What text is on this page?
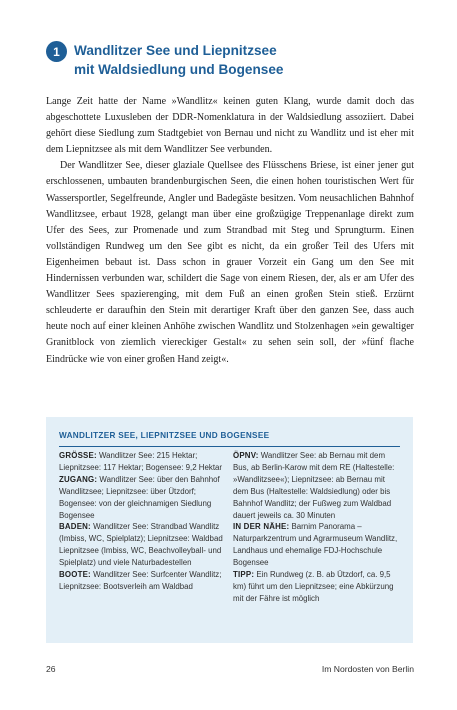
1	Wandlitzer See und Liepnitzsee
mit Waldsiedlung und Bogensee

Lange Zeit hatte der Name »Wandlitz« keinen guten Klang, wurde damit doch das abgeschottete Luxusleben der DDR-Nomenklatura in der Waldsiedlung assoziiert. Dabei gehört diese Siedlung zum Stadtgebiet von Bernau und nicht zu Wandlitz und ist eher mit dem Liepnitzsee als mit dem Wandlitzer See verbunden.

Der Wandlitzer See, dieser glaziale Quellsee des Flüsschens Briese, ist einer jener gut erschlossenen, umbauten brandenburgischen Seen, die einen hohen touristischen Wert für Wassersportler, Segelfreunde, Angler und Badegäste besitzen. Vom neusachlichen Bahnhof Wandlitzsee, erbaut 1928, gelangt man über eine großzügige Treppenanlage direkt zum Ufer des Sees, zur Promenade und zum Strandbad mit Steg und Sprungturm. Einen vollständigen Rundweg um den See gibt es nicht, da ein großer Teil des Ufers mit Eigenheimen bebaut ist. Dass schon in grauer Vorzeit ein Gang um den See mit Hindernissen verbunden war, schildert die Sage von einem Riesen, der, als er am Ufer des Wandlitzer Sees spazierenging, mit dem Fuß an einen großen Stein stieß. Erzürnt schleuderte er daraufhin den Stein mit derartiger Kraft über den ganzen See, dass auch heute noch auf einer kleinen Anhöhe zwischen Wandlitz und Stolzenhagen »ein gewaltiger Granitblock von ziemlich viereckiger Gestalt« zu sehen sein soll, der »fünf flache Eindrücke wie von einer großen Hand zeigt«.

WANDLITZER SEE, LIEPNITZSEE UND BOGENSEE

GRÖSSE: Wandlitzer See: 215 Hektar; Liepnitzsee: 117 Hektar; Bogensee: 9,2 Hektar

ZUGANG: Wandlitzer See: über den Bahnhof Wandlitzsee; Liepnitzsee: über Ützdorf; Bogensee: von der gleichnamigen Siedlung Bogensee

BADEN: Wandlitzer See: Strandbad Wandlitz (Imbiss, WC, Spielplatz); Liepnitzsee: Waldbad Liepnitzsee (Imbiss, WC, Beachvolleyball- und Spielplatz) und viele Naturbadestellen

BOOTE: Wandlitzer See: Surfcenter Wandlitz; Liepnitzsee: Bootsverleih am Waldbad

ÖPNV: Wandlitzer See: ab Bernau mit dem Bus, ab Berlin-Karow mit dem RE (Haltestelle: »Wandlitzsee«); Liepnitzsee: ab Bernau mit dem Bus (Haltestelle: Waldsiedlung) oder bis Bahnhof Wandlitz; der Fußweg zum Waldbad dauert jeweils ca. 30 Minuten

IN DER NÄHE: Barnim Panorama – Naturparkzentrum und Agrarmuseum Wandlitz, Landhaus und ehemalige FDJ-Hochschule Bogensee

TIPP: Ein Rundweg (z. B. ab Ützdorf, ca. 9,5 km) führt um den Liepnitzsee; eine Abkürzung mit der Fähre ist möglich

26	Im Nordosten von Berlin
